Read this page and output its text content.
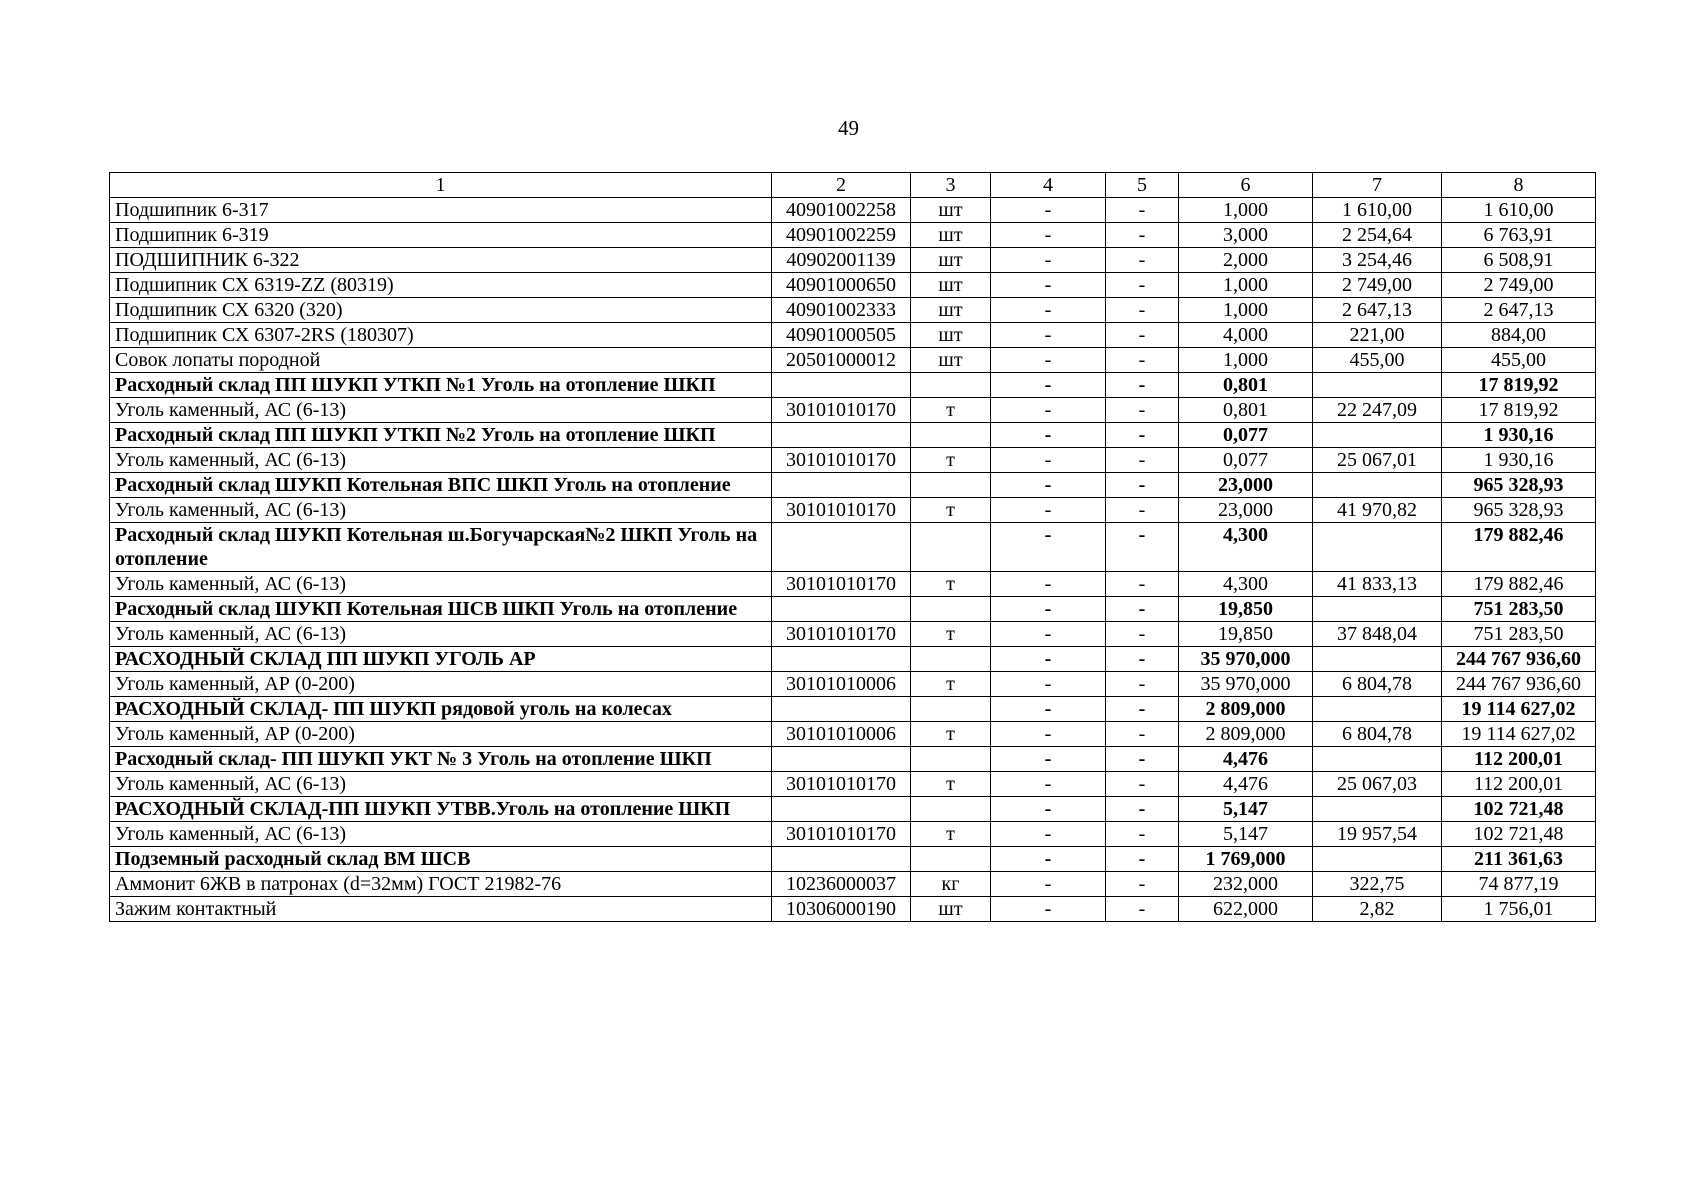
49
1	2	3	4	5	6	7	8
Подшипник 6-317	40901002258	шт	-	-	1,000	1 610,00	1 610,00
Подшипник 6-319	40901002259	шт	-	-	3,000	2 254,64	6 763,91
ПОДШИПНИК 6-322	40902001139	шт	-	-	2,000	3 254,46	6 508,91
Подшипник СХ 6319-ZZ (80319)	40901000650	шт	-	-	1,000	2 749,00	2 749,00
Подшипник СХ 6320 (320)	40901002333	шт	-	-	1,000	2 647,13	2 647,13
Подшипник СХ 6307-2RS (180307)	40901000505	шт	-	-	4,000	221,00	884,00
Совок лопаты породной	20501000012	шт	-	-	1,000	455,00	455,00
Расходный склад ПП ШУКП УТКП №1 Уголь на отопление ШКП			-	-	0,801		17 819,92
Уголь каменный, АС (6-13)	30101010170	т	-	-	0,801	22 247,09	17 819,92
Расходный склад ПП ШУКП УТКП №2 Уголь на отопление ШКП			-	-	0,077		1 930,16
Уголь каменный, АС (6-13)	30101010170	т	-	-	0,077	25 067,01	1 930,16
Расходный склад ШУКП Котельная ВПС ШКП Уголь на отопление			-	-	23,000		965 328,93
Уголь каменный, АС (6-13)	30101010170	т	-	-	23,000	41 970,82	965 328,93
Расходный склад ШУКП Котельная ш.Богучарская№2 ШКП Уголь на отопление			-	-	4,300		179 882,46
Уголь каменный, АС (6-13)	30101010170	т	-	-	4,300	41 833,13	179 882,46
Расходный склад ШУКП Котельная ШСВ ШКП Уголь на отопление			-	-	19,850		751 283,50
Уголь каменный, АС (6-13)	30101010170	т	-	-	19,850	37 848,04	751 283,50
РАСХОДНЫЙ СКЛАД ПП ШУКП УГОЛЬ АР			-	-	35 970,000		244 767 936,60
Уголь каменный, АР (0-200)	30101010006	т	-	-	35 970,000	6 804,78	244 767 936,60
РАСХОДНЫЙ СКЛАД- ПП ШУКП рядовой уголь на колесах			-	-	2 809,000		19 114 627,02
Уголь каменный, АР (0-200)	30101010006	т	-	-	2 809,000	6 804,78	19 114 627,02
Расходный склад- ПП ШУКП УКТ № 3 Уголь на отопление ШКП			-	-	4,476		112 200,01
Уголь каменный, АС (6-13)	30101010170	т	-	-	4,476	25 067,03	112 200,01
РАСХОДНЫЙ СКЛАД-ПП ШУКП УТВВ.Уголь на отопление ШКП			-	-	5,147		102 721,48
Уголь каменный, АС (6-13)	30101010170	т	-	-	5,147	19 957,54	102 721,48
Подземный расходный склад ВМ ШСВ			-	-	1 769,000		211 361,63
Аммонит 6ЖВ в патронах (d=32мм) ГОСТ 21982-76	10236000037	кг	-	-	232,000	322,75	74 877,19
Зажим контактный	10306000190	шт	-	-	622,000	2,82	1 756,01
